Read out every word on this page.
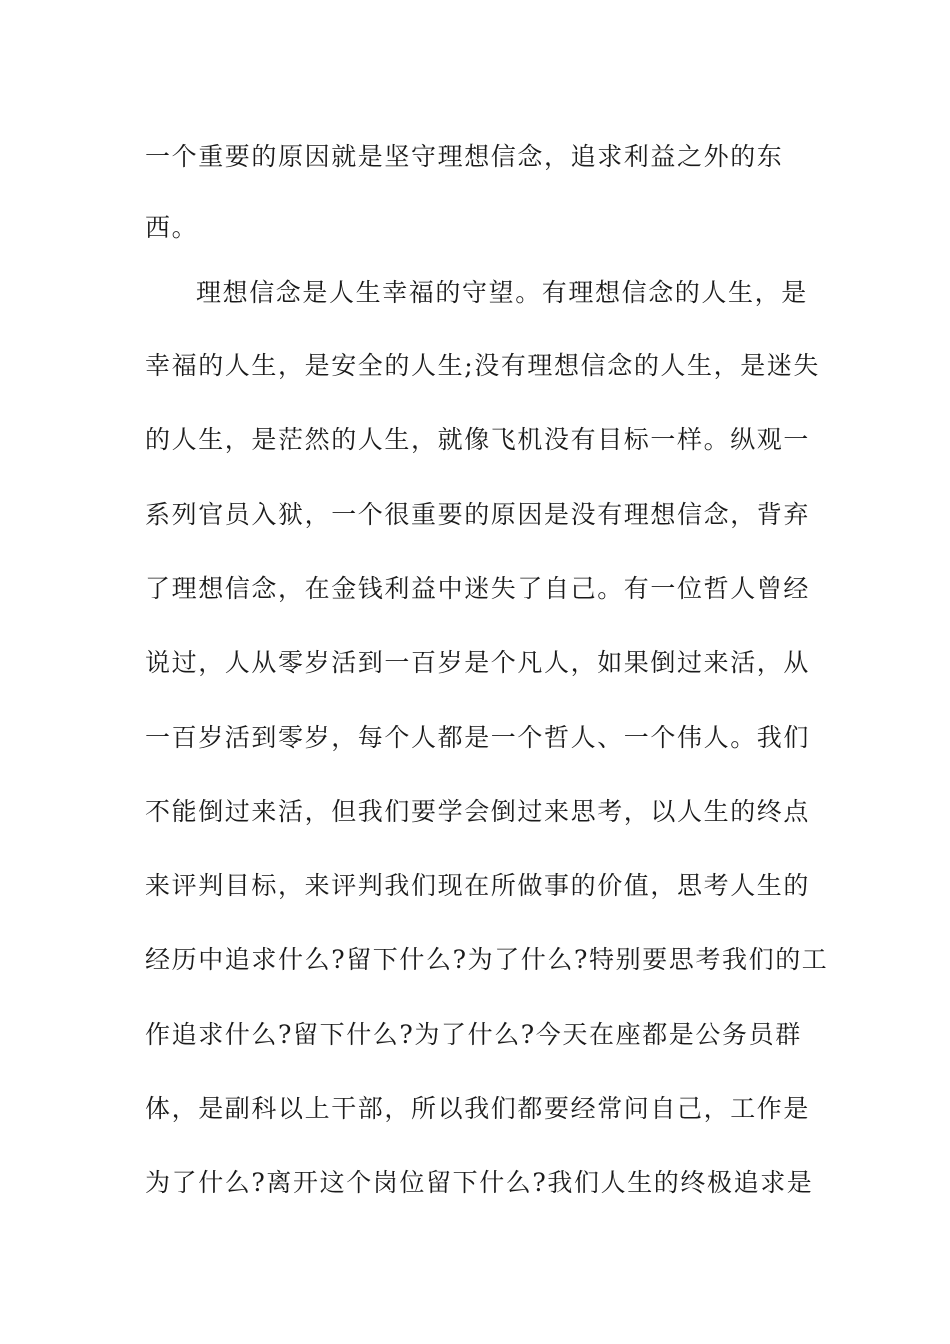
一个重要的原因就是坚守理想信念，追求利益之外的东
西。
理想信念是人生幸福的守望。有理想信念的人生，是
幸福的人生，是安全的人生;没有理想信念的人生，是迷失
的人生，是茫然的人生，就像飞机没有目标一样。纵观一
系列官员入狱，一个很重要的原因是没有理想信念，背弃
了理想信念，在金钱利益中迷失了自己。有一位哲人曾经
说过，人从零岁活到一百岁是个凡人，如果倒过来活，从
一百岁活到零岁，每个人都是一个哲人、一个伟人。我们
不能倒过来活，但我们要学会倒过来思考，以人生的终点
来评判目标，来评判我们现在所做事的价值，思考人生的
经历中追求什么?留下什么?为了什么?特别要思考我们的工
作追求什么?留下什么?为了什么?今天在座都是公务员群
体，是副科以上干部，所以我们都要经常问自己，工作是
为了什么?离开这个岗位留下什么?我们人生的终极追求是
